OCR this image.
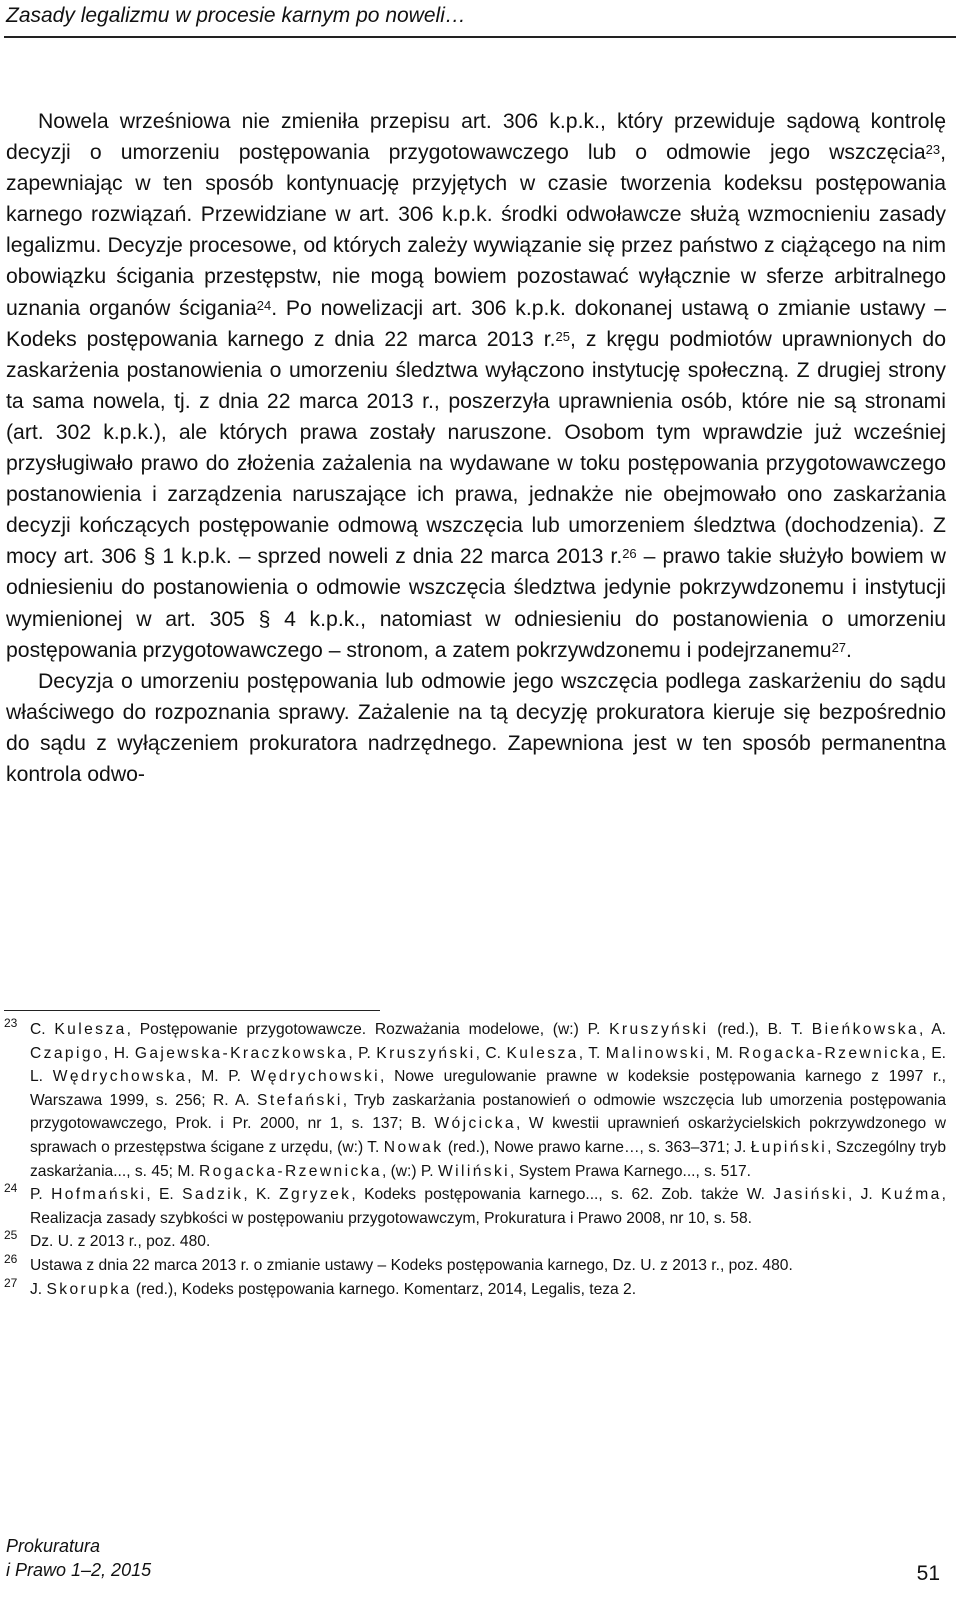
Zasady legalizmu w procesie karnym po noweli…

Nowela wrześniowa nie zmieniła przepisu art. 306 k.p.k., który przewiduje sądową kontrolę decyzji o umorzeniu postępowania przygotowawczego lub o odmowie jego wszczęcia$^{23}$, zapewniając w ten sposób kontynuację przyjętych w czasie tworzenia kodeksu postępowania karnego rozwiązań. Przewidziane w art. 306 k.p.k. środki odwoławcze służą wzmocnieniu zasady legalizmu. Decyzje procesowe, od których zależy wywiązanie się przez państwo z ciążącego na nim obowiązku ścigania przestępstw, nie mogą bowiem pozostawać wyłącznie w sferze arbitralnego uznania organów ścigania$^{24}$. Po nowelizacji art. 306 k.p.k. dokonanej ustawą o zmianie ustawy – Kodeks postępowania karnego z dnia 22 marca 2013 r.$^{25}$, z kręgu podmiotów uprawnionych do zaskarżenia postanowienia o umorzeniu śledztwa wyłączono instytucję społeczną. Z drugiej strony ta sama nowela, tj. z dnia 22 marca 2013 r., poszerzyła uprawnienia osób, które nie są stronami (art. 302 k.p.k.), ale których prawa zostały naruszone. Osobom tym wprawdzie już wcześniej przysługiwało prawo do złożenia zażalenia na wydawane w toku postępowania przygotowawczego postanowienia i zarządzenia naruszające ich prawa, jednakże nie obejmowało ono zaskarżania decyzji kończących postępowanie odmową wszczęcia lub umorzeniem śledztwa (dochodzenia). Z mocy art. 306 § 1 k.p.k. – sprzed noweli z dnia 22 marca 2013 r.$^{26}$ – prawo takie służyło bowiem w odniesieniu do postanowienia o odmowie wszczęcia śledztwa jedynie pokrzywdzonemu i instytucji wymienionej w art. 305 § 4 k.p.k., natomiast w odniesieniu do postanowienia o umorzeniu postępowania przygotowawczego – stronom, a zatem pokrzywdzonemu i podejrzanemu$^{27}$.

Decyzja o umorzeniu postępowania lub odmowie jego wszczęcia podlega zaskarżeniu do sądu właściwego do rozpoznania sprawy. Zażalenie na tą decyzję prokuratora kieruje się bezpośrednio do sądu z wyłączeniem prokuratora nadrzędnego. Zapewniona jest w ten sposób permanentna kontrola odwo-

23 C. Kulesza, Postępowanie przygotowawcze. Rozważania modelowe, (w:) P. Kruszyński (red.), B. T. Bieńkowska, A. Czapigo, H. Gajewska-Kraczkowska, P. Kruszyński, C. Kulesza, T. Malinowski, M. Rogacka-Rzewnicka, E. L. Wędrychowska, M. P. Wędrychowski, Nowe uregulowanie prawne w kodeksie postępowania karnego z 1997 r., Warszawa 1999, s. 256; R. A. Stefański, Tryb zaskarżania postanowień o odmowie wszczęcia lub umorzenia postępowania przygotowawczego, Prok. i Pr. 2000, nr 1, s. 137; B. Wójcicka, W kwestii uprawnień oskarżycielskich pokrzywdzonego w sprawach o przestępstwa ścigane z urzędu, (w:) T. Nowak (red.), Nowe prawo karne…, s. 363–371; J. Łupiński, Szczególny tryb zaskarżania..., s. 45; M. Rogacka-Rzewnicka, (w:) P. Wiliński, System Prawa Karnego..., s. 517.
24 P. Hofmański, E. Sadzik, K. Zgryzek, Kodeks postępowania karnego..., s. 62. Zob. także W. Jasiński, J. Kuźma, Realizacja zasady szybkości w postępowaniu przygotowawczym, Prokuratura i Prawo 2008, nr 10, s. 58.
25 Dz. U. z 2013 r., poz. 480.
26 Ustawa z dnia 22 marca 2013 r. o zmianie ustawy – Kodeks postępowania karnego, Dz. U. z 2013 r., poz. 480.
27 J. Skorupka (red.), Kodeks postępowania karnego. Komentarz, 2014, Legalis, teza 2.
Prokuratura
i Prawo 1–2, 2015	51
